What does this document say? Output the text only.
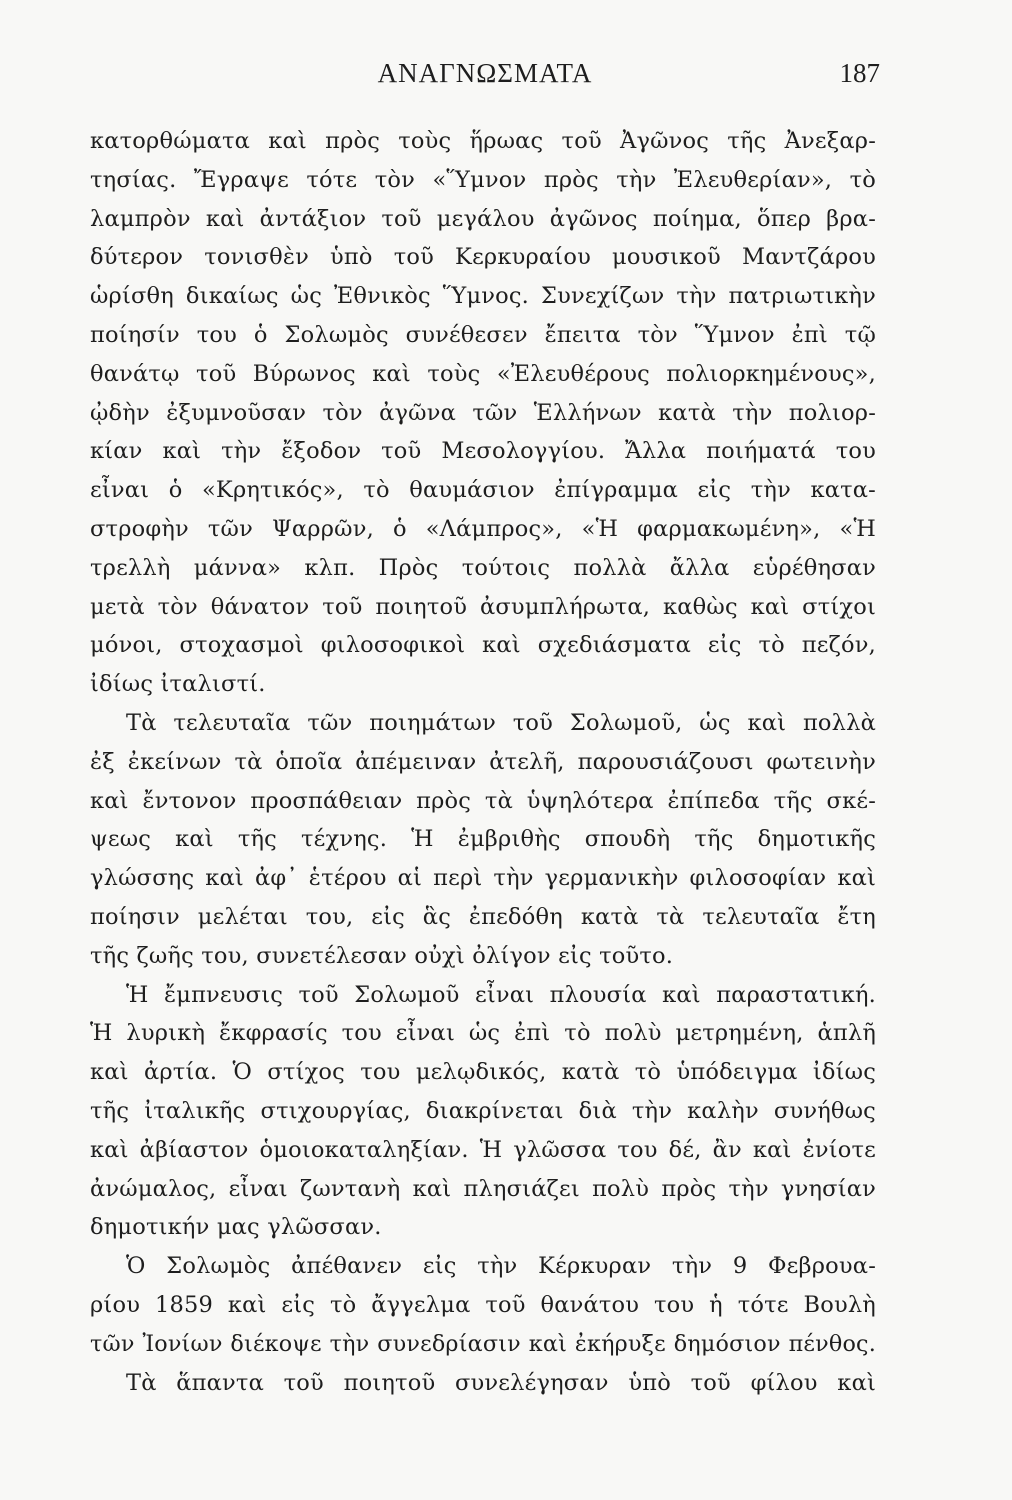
ΑΝΑΓΝΩΣΜΑΤΑ	187
κατορθώματα καὶ πρὸς τοὺς ἥρωας τοῦ Ἀγῶνος τῆς Ἀνεξαρ-
τησίας. Ἔγραψε τότε τὸν «Ὕμνον πρὸς τὴν Ἐλευθερίαν», τὸ
λαμπρὸν καὶ ἀντάξιον τοῦ μεγάλου ἀγῶνος ποίημα, ὅπερ βρα-
δύτερον τονισθὲν ὑπὸ τοῦ Κερκυραίου μουσικοῦ Μαντζάρου
ὡρίσθη δικαίως ὡς Ἐθνικὸς Ὕμνος. Συνεχίζων τὴν πατριωτικὴν
ποίησίν του ὁ Σολωμὸς συνέθεσεν ἔπειτα τὸν Ὕμνον ἐπὶ τῷ
θανάτῳ τοῦ Βύρωνος καὶ τοὺς «Ἐλευθέρους πολιορκημένους»,
ᾠδὴν ἐξυμνοῦσαν τὸν ἀγῶνα τῶν Ἑλλήνων κατὰ τὴν πολιορ-
κίαν καὶ τὴν ἔξοδον τοῦ Μεσολογγίου. Ἄλλα ποιήματά του
εἶναι ὁ «Κρητικός», τὸ θαυμάσιον ἐπίγραμμα εἰς τὴν κατα-
στροφὴν τῶν Ψαρρῶν, ὁ «Λάμπρος», «Ἡ φαρμακωμένη», «Ἡ
τρελλὴ μάννα» κλπ. Πρὸς τούτοις πολλὰ ἄλλα εὑρέθησαν
μετὰ τὸν θάνατον τοῦ ποιητοῦ ἀσυμπλήρωτα, καθὼς καὶ στίχοι
μόνοι, στοχασμοὶ φιλοσοφικοὶ καὶ σχεδιάσματα εἰς τὸ πεζόν,
ἰδίως ἰταλιστί.
Τὰ τελευταῖα τῶν ποιημάτων τοῦ Σολωμοῦ, ὡς καὶ πολλὰ
ἐξ ἐκείνων τὰ ὁποῖα ἀπέμειναν ἀτελῆ, παρουσιάζουσι φωτεινὴν
καὶ ἔντονον προσπάθειαν πρὸς τὰ ὑψηλότερα ἐπίπεδα τῆς σκέ-
ψεως καὶ τῆς τέχνης. Ἡ ἐμβριθὴς σπουδὴ τῆς δημοτικῆς
γλώσσης καὶ ἀφ᾽ ἑτέρου αἱ περὶ τὴν γερμανικὴν φιλοσοφίαν καὶ
ποίησιν μελέται του, εἰς ἃς ἐπεδόθη κατὰ τὰ τελευταῖα ἔτη
τῆς ζωῆς του, συνετέλεσαν οὐχὶ ὀλίγον εἰς τοῦτο.
Ἡ ἔμπνευσις τοῦ Σολωμοῦ εἶναι πλουσία καὶ παραστατική.
Ἡ λυρικὴ ἔκφρασίς του εἶναι ὡς ἐπὶ τὸ πολὺ μετρημένη, ἁπλῆ
καὶ ἀρτία. Ὁ στίχος του μελῳδικός, κατὰ τὸ ὑπόδειγμα ἰδίως
τῆς ἰταλικῆς στιχουργίας, διακρίνεται διὰ τὴν καλὴν συνήθως
καὶ ἀβίαστον ὁμοιοκαταληξίαν. Ἡ γλῶσσα του δέ, ἂν καὶ ἐνίοτε
ἀνώμαλος, εἶναι ζωντανὴ καὶ πλησιάζει πολὺ πρὸς τὴν γνησίαν
δημοτικήν μας γλῶσσαν.
Ὁ Σολωμὸς ἀπέθανεν εἰς τὴν Κέρκυραν τὴν 9 Φεβρουα-
ρίου 1859 καὶ εἰς τὸ ἄγγελμα τοῦ θανάτου του ἡ τότε Βουλὴ
τῶν Ἰονίων διέκοψε τὴν συνεδρίασιν καὶ ἐκήρυξε δημόσιον πένθος.
Τὰ ἅπαντα τοῦ ποιητοῦ συνελέγησαν ὑπὸ τοῦ φίλου καὶ
